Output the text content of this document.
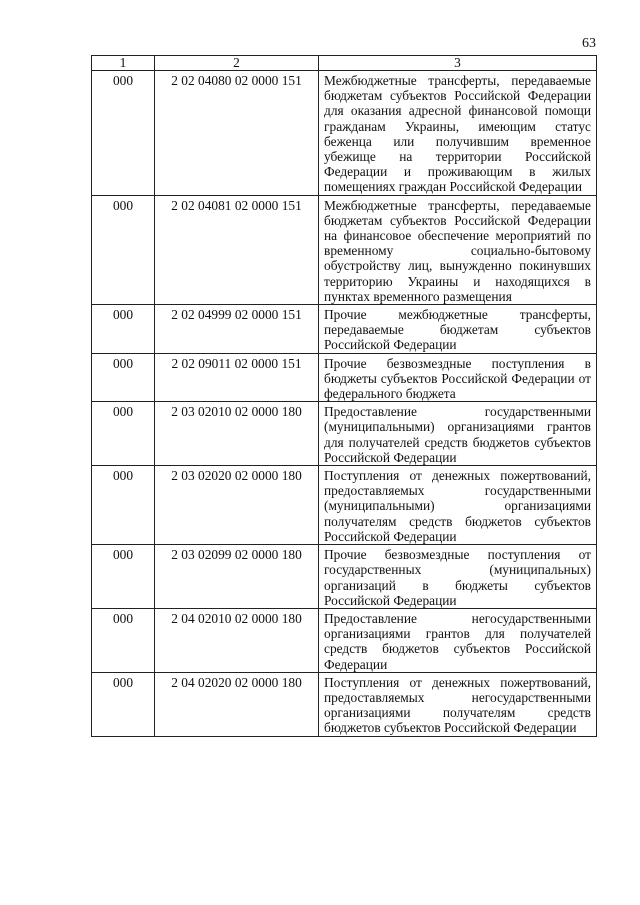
63
1	2	3
000	2 02 04080 02 0000 151	Межбюджетные трансферты, передаваемые бюджетам субъектов Российской Федерации для оказания адресной финансовой помощи гражданам Украины, имеющим статус беженца или получившим временное убежище на территории Российской Федерации и проживающим в жилых помещениях граждан Российской Федерации
000	2 02 04081 02 0000 151	Межбюджетные трансферты, передаваемые бюджетам субъектов Российской Федерации на финансовое обеспечение мероприятий по временному социально-бытовому обустройству лиц, вынужденно покинувших территорию Украины и находящихся в пунктах временного размещения
000	2 02 04999 02 0000 151	Прочие межбюджетные трансферты, передаваемые бюджетам субъектов Российской Федерации
000	2 02 09011 02 0000 151	Прочие безвозмездные поступления в бюджеты субъектов Российской Федерации от федерального бюджета
000	2 03 02010 02 0000 180	Предоставление государственными (муниципальными) организациями грантов для получателей средств бюджетов субъектов Российской Федерации
000	2 03 02020 02 0000 180	Поступления от денежных пожертвований, предоставляемых государственными (муниципальными) организациями получателям средств бюджетов субъектов Российской Федерации
000	2 03 02099 02 0000 180	Прочие безвозмездные поступления от государственных (муниципальных) организаций в бюджеты субъектов Российской Федерации
000	2 04 02010 02 0000 180	Предоставление негосударственными организациями грантов для получателей средств бюджетов субъектов Российской Федерации
000	2 04 02020 02 0000 180	Поступления от денежных пожертвований, предоставляемых негосударственными организациями получателям средств бюджетов субъектов Российской Федерации
